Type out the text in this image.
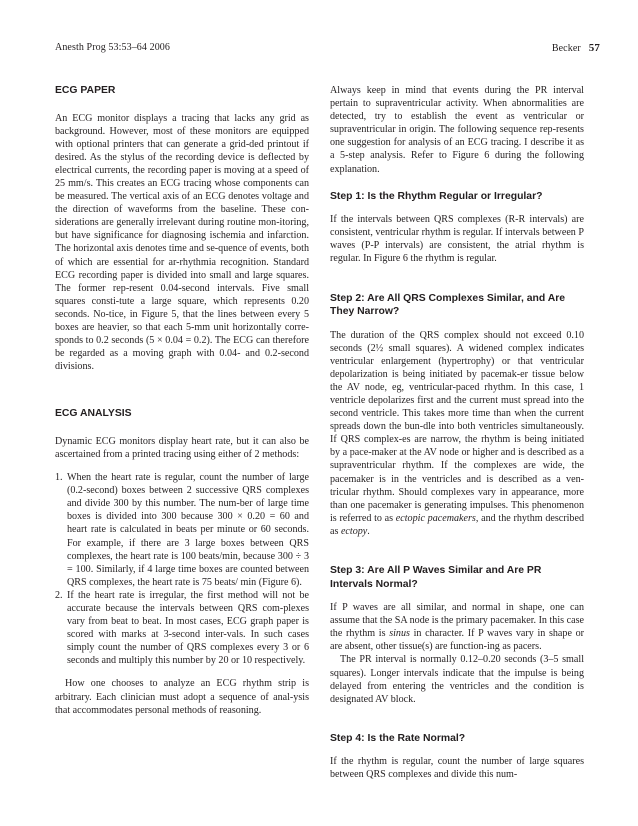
Anesth Prog 53:53–64 2006	Becker 57
ECG PAPER

An ECG monitor displays a tracing that lacks any grid as background. However, most of these monitors are equipped with optional printers that can generate a grid-ded printout if desired. As the stylus of the recording device is deflected by electrical currents, the recording paper is moving at a speed of 25 mm/s. This creates an ECG tracing whose components can be measured. The vertical axis of an ECG denotes voltage and the direction of waveforms from the baseline. These con-siderations are generally irrelevant during routine mon-itoring, but have significance for diagnosing ischemia and infarction. The horizontal axis denotes time and se-quence of events, both of which are essential for ar-rhythmia recognition. Standard ECG recording paper is divided into small and large squares. The former rep-resent 0.04-second intervals. Five small squares consti-tute a large square, which represents 0.20 seconds. No-tice, in Figure 5, that the lines between every 5 boxes are heavier, so that each 5-mm unit horizontally corre-sponds to 0.2 seconds (5 × 0.04 = 0.2). The ECG can therefore be regarded as a moving graph with 0.04- and 0.2-second divisions.

ECG ANALYSIS

Dynamic ECG monitors display heart rate, but it can also be ascertained from a printed tracing using either of 2 methods:

1. When the heart rate is regular, count the number of large (0.2-second) boxes between 2 successive QRS complexes and divide 300 by this number. The num-ber of large time boxes is divided into 300 because 300 × 0.20 = 60 and heart rate is calculated in beats per minute or 60 seconds. For example, if there are 3 large boxes between QRS complexes, the heart rate is 100 beats/min, because 300 ÷ 3 = 100. Similarly, if 4 large time boxes are counted between QRS complexes, the heart rate is 75 beats/ min (Figure 6).
2. If the heart rate is irregular, the first method will not be accurate because the intervals between QRS com-plexes vary from beat to beat. In most cases, ECG graph paper is scored with marks at 3-second inter-vals. In such cases simply count the number of QRS complexes every 3 or 6 seconds and multiply this number by 20 or 10 respectively.

How one chooses to analyze an ECG rhythm strip is arbitrary. Each clinician must adopt a sequence of anal-ysis that accommodates personal methods of reasoning.

Always keep in mind that events during the PR interval pertain to supraventricular activity. When abnormalities are detected, try to establish the event as ventricular or supraventricular in origin. The following sequence rep-resents one suggestion for analysis of an ECG tracing. I describe it as a 5-step analysis. Refer to Figure 6 during the following explanation.

Step 1: Is the Rhythm Regular or Irregular?

If the intervals between QRS complexes (R-R intervals) are consistent, ventricular rhythm is regular. If intervals between P waves (P-P intervals) are consistent, the atrial rhythm is regular. In Figure 6 the rhythm is regular.

Step 2: Are All QRS Complexes Similar, and Are They Narrow?

The duration of the QRS complex should not exceed 0.10 seconds (2½ small squares). A widened complex indicates ventricular enlargement (hypertrophy) or that ventricular depolarization is being initiated by pacemak-er tissue below the AV node, eg, ventricular-paced rhythm. In this case, 1 ventricle depolarizes first and the current must spread into the second ventricle. This takes more time than when the current spreads down the bun-dle into both ventricles simultaneously. If QRS complex-es are narrow, the rhythm is being initiated by a pace-maker at the AV node or higher and is described as a supraventricular rhythm. If the complexes are wide, the pacemaker is in the ventricles and is described as a ven-tricular rhythm. Should complexes vary in appearance, more than one pacemaker is generating impulses. This phenomenon is referred to as ectopic pacemakers, and the rhythm described as ectopy.

Step 3: Are All P Waves Similar and Are PR Intervals Normal?

If P waves are all similar, and normal in shape, one can assume that the SA node is the primary pacemaker. In this case the rhythm is sinus in character. If P waves vary in shape or are absent, other tissue(s) are function-ing as pacers.

The PR interval is normally 0.12–0.20 seconds (3–5 small squares). Longer intervals indicate that the impulse is being delayed from entering the ventricles and the condition is designated AV block.

Step 4: Is the Rate Normal?

If the rhythm is regular, count the number of large squares between QRS complexes and divide this num-
